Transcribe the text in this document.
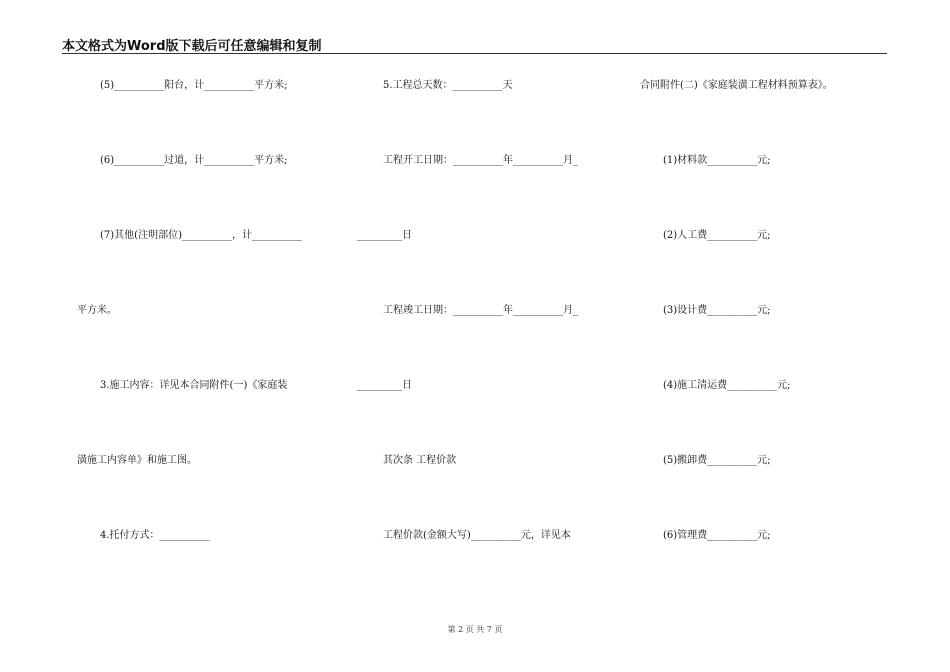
本文格式为Word版下载后可任意编辑和复制
(5)__________阳台，计__________平方米;
(6)__________过道，计__________平方米;
(7)其他(注明部位)__________，计__________
平方米。
3.施工内容：详见本合同附件(一)《家庭装
潢施工内容单》和施工图。
4.托付方式：__________
5.工程总天数：__________天
工程开工日期：__________年__________月_
_________日
工程竣工日期：__________年__________月_
_________日
其次条 工程价款
工程价款(金额大写)__________元，详见本
合同附件(二)《家庭装潢工程材料预算表》。
(1)材料款__________元;
(2)人工费__________元;
(3)设计费__________元;
(4)施工清运费__________元;
(5)搬卸费__________元;
(6)管理费__________元;
第 2 页 共 7 页
